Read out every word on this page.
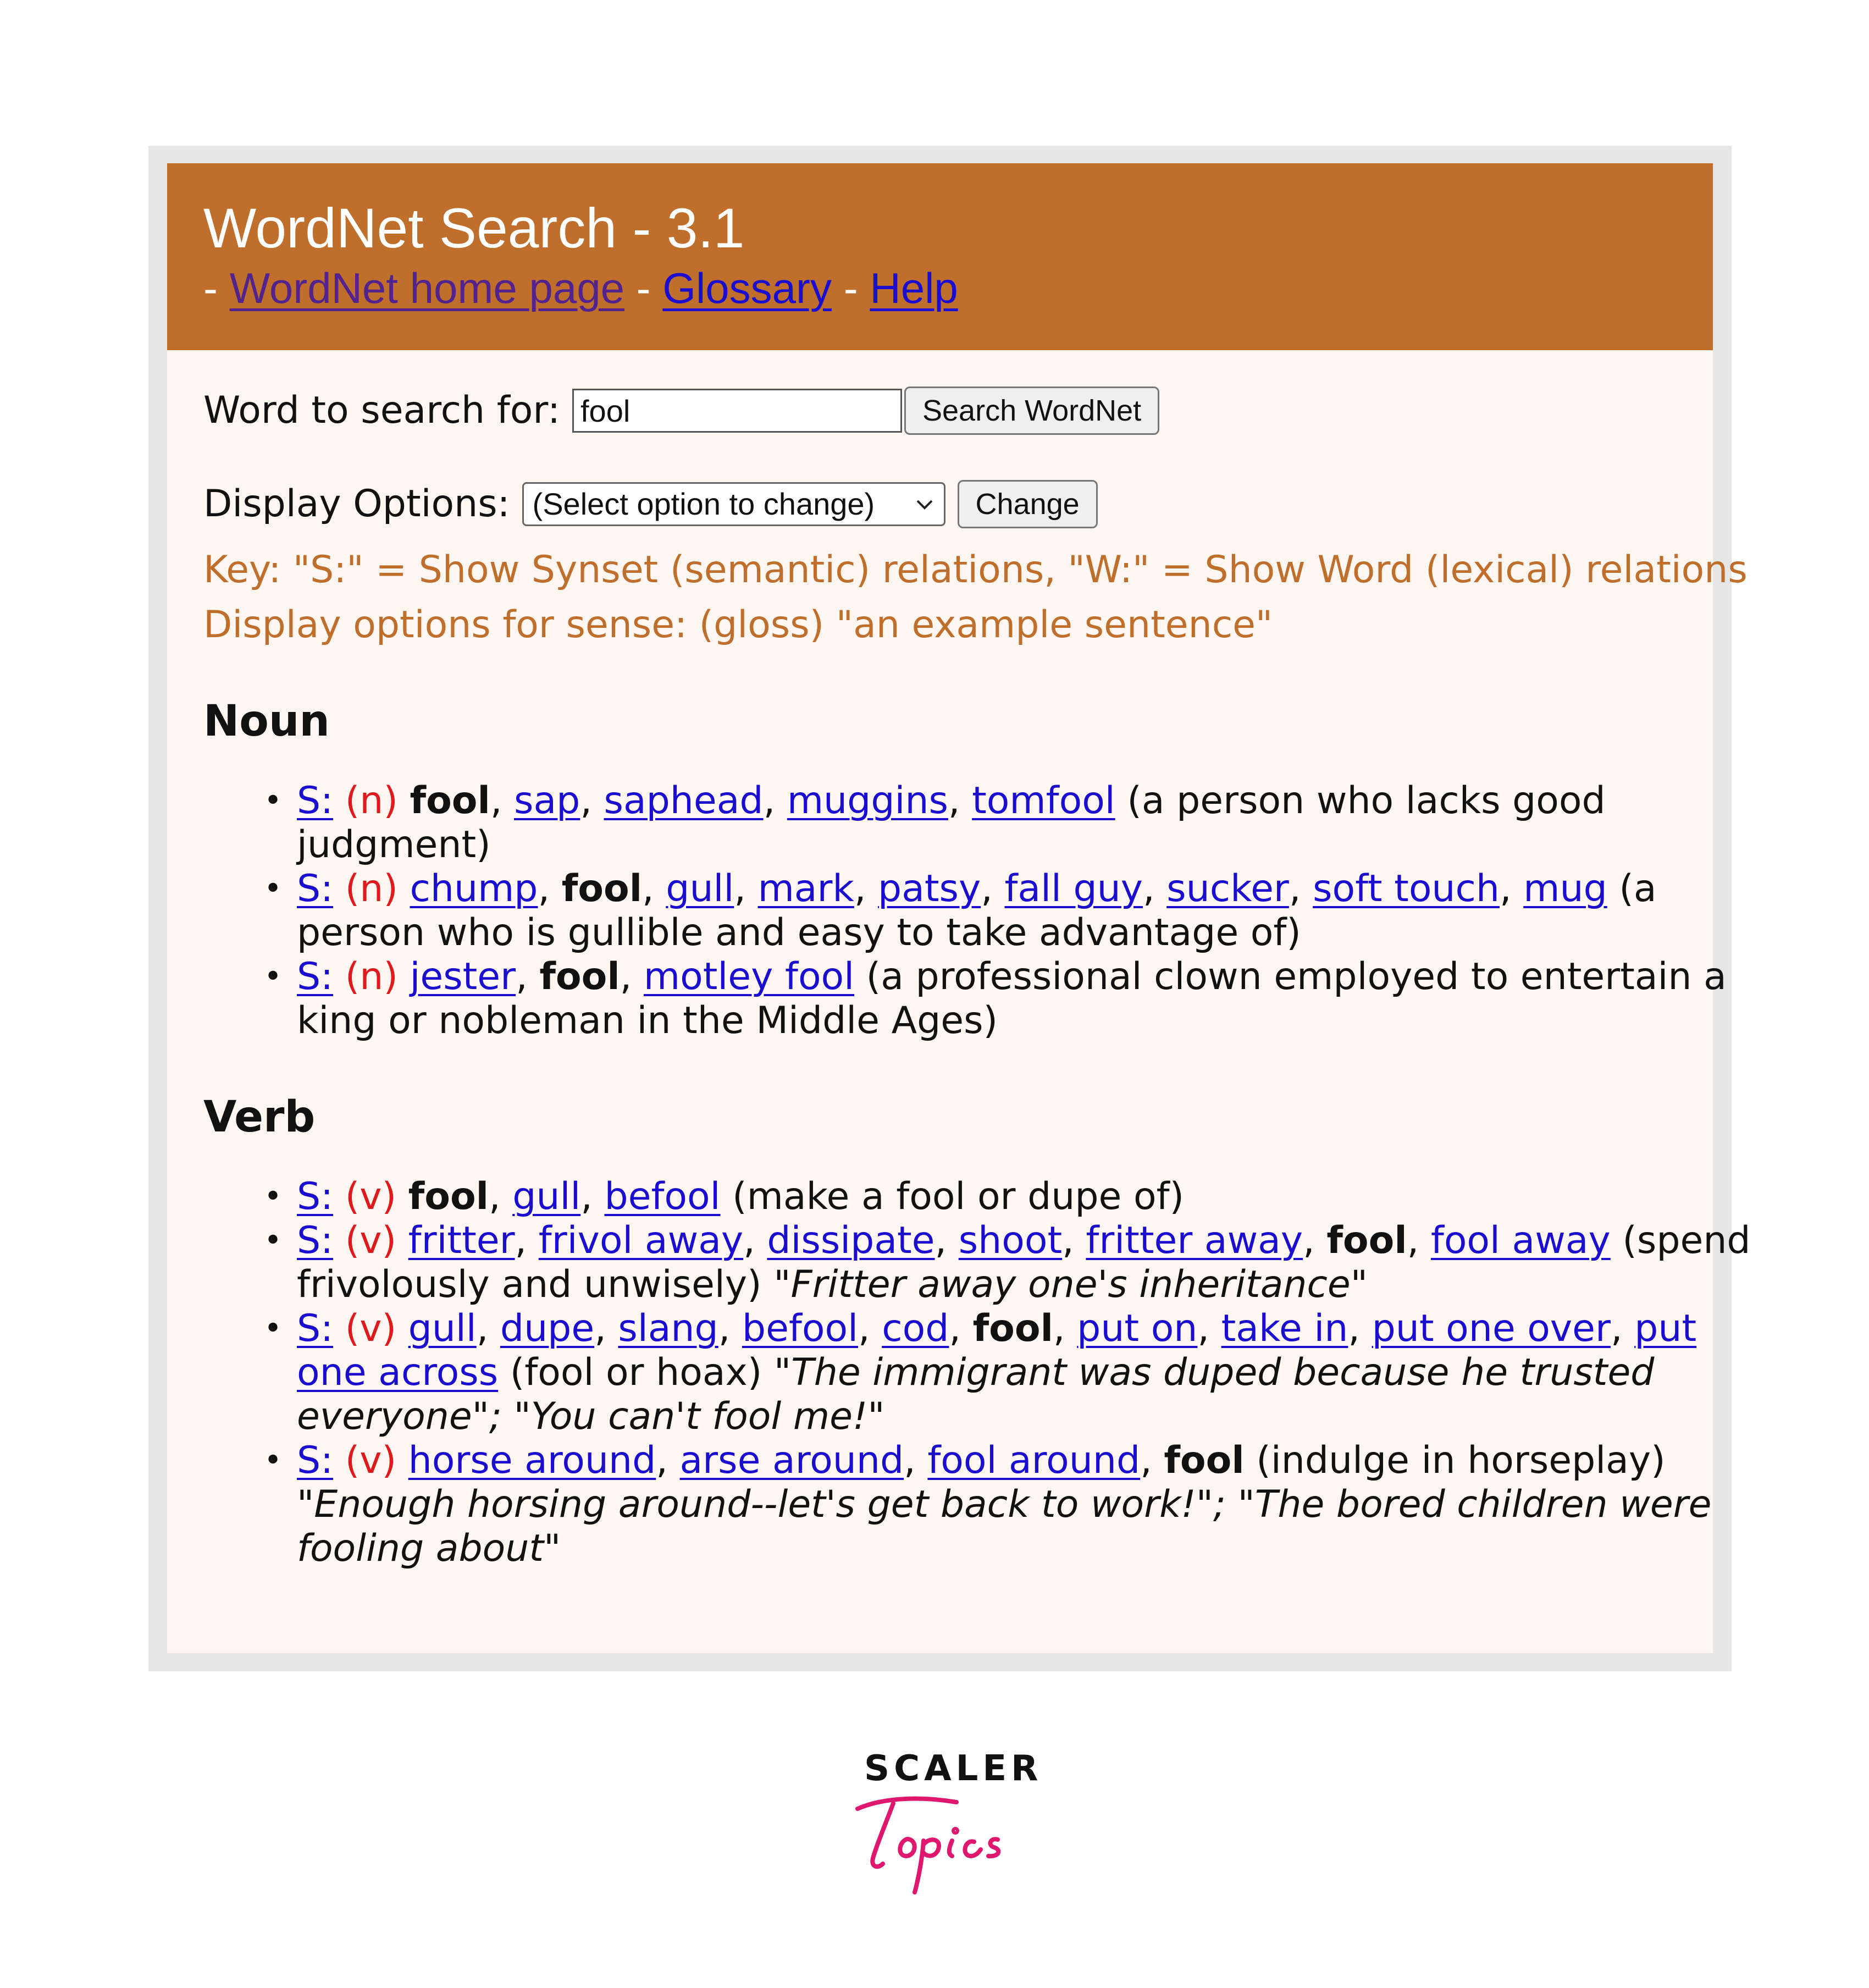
WordNet Search - 3.1
- WordNet home page - Glossary - Help
Word to search for:
fool	Search WordNet
Display Options: (Select option to change)	Change
Key: "S:" = Show Synset (semantic) relations, "W:" = Show Word (lexical) relations
Display options for sense: (gloss) "an example sentence"
Noun
• S: (n) fool, sap, saphead, muggins, tomfool (a person who lacks good
judgment)
• S: (n) chump, fool, gull, mark, patsy, fall guy, sucker, soft touch, mug (a
person who is gullible and easy to take advantage of)
• S: (n) jester, fool, motley fool (a professional clown employed to entertain a
king or nobleman in the Middle Ages)
Verb
• S: (v) fool, gull, befool (make a fool or dupe of)
• S: (v) fritter, frivol away, dissipate, shoot, fritter away, fool, fool away (spend
frivolously and unwisely) "Fritter away one's inheritance"
• S: (v) gull, dupe, slang, befool, cod, fool, put on, take in, put one over, put
one across (fool or hoax) "The immigrant was duped because he trusted
everyone"; "You can't fool me!"
• S: (v) horse around, arse around, fool around, fool (indulge in horseplay)
"Enough horsing around--let's get back to work!"; "The bored children were
fooling about"
SCALER
